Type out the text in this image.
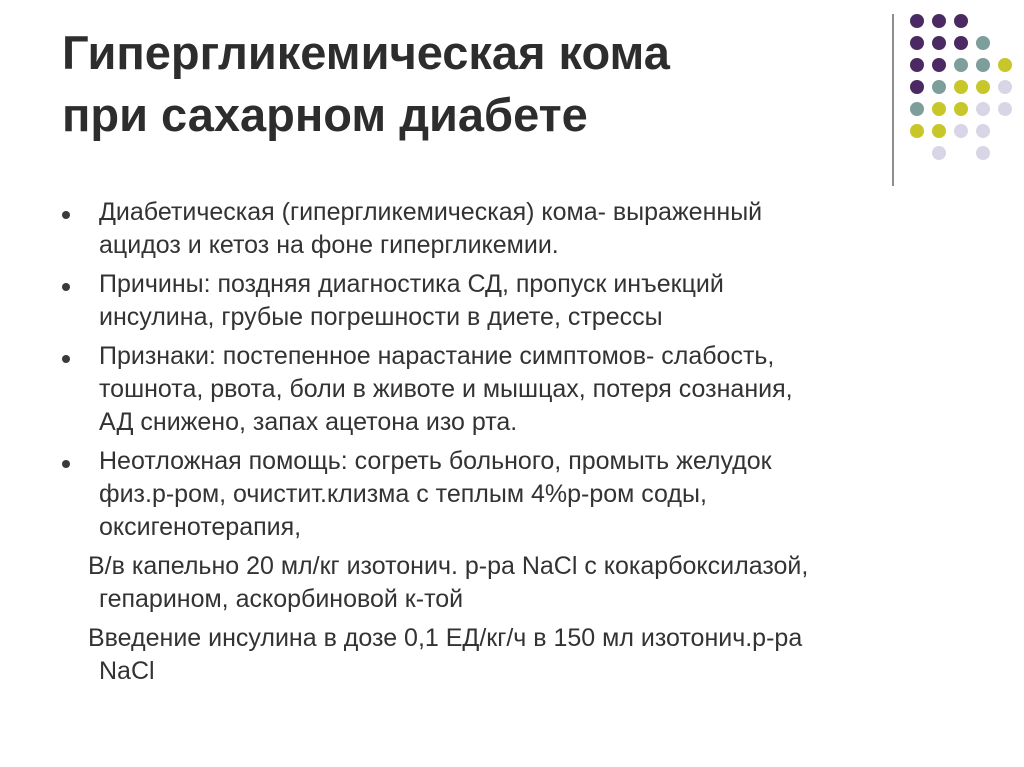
Гипергликемическая кома
при сахарном диабете
Диабетическая (гипергликемическая) кома- выраженный
ацидоз и кетоз на фоне гипергликемии.
Причины: поздняя диагностика СД, пропуск инъекций
инсулина, грубые погрешности в диете, стрессы
Признаки: постепенное нарастание симптомов- слабость,
тошнота, рвота, боли в животе и мышцах, потеря сознания,
АД снижено, запах ацетона изо рта.
Неотложная помощь: согреть больного, промыть желудок
физ.р-ром, очистит.клизма с теплым 4%р-ром соды,
оксигенотерапия,
В/в капельно 20 мл/кг изотонич. р-ра NaCl с кокарбоксилазой,
гепарином, аскорбиновой к-той
Введение инсулина в дозе 0,1 ЕД/кг/ч в 150 мл изотонич.р-ра
NaCl
